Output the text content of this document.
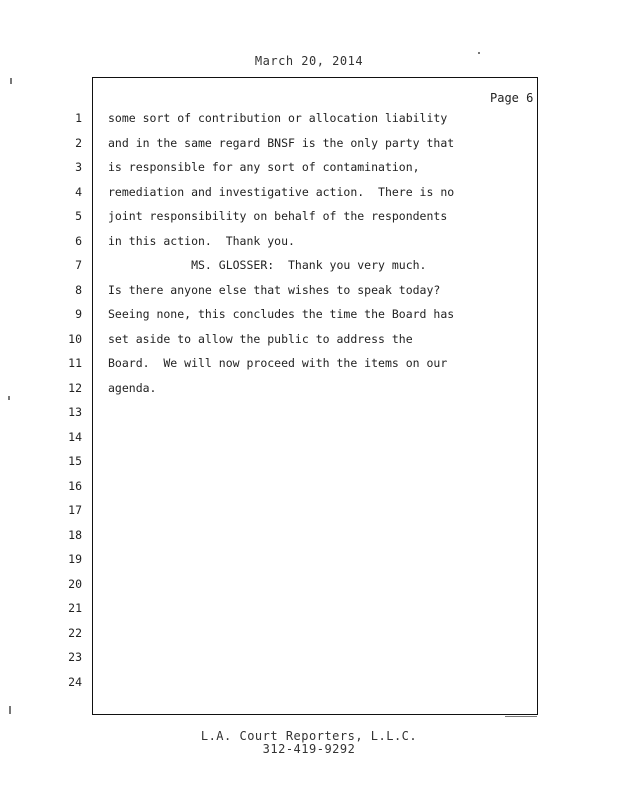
March 20, 2014
Page 6
1 some sort of contribution or allocation liability
2 and in the same regard BNSF is the only party that
3 is responsible for any sort of contamination,
4 remediation and investigative action.  There is no
5 joint responsibility on behalf of the respondents
6 in this action.  Thank you.
7 MS. GLOSSER:  Thank you very much.
8 Is there anyone else that wishes to speak today?
9 Seeing none, this concludes the time the Board has
10 set aside to allow the public to address the
11 Board.  We will now proceed with the items on our
12 agenda.
13
14
15
16
17
18
19
20
21
22
23
24
L.A. Court Reporters, L.L.C.
312-419-9292
